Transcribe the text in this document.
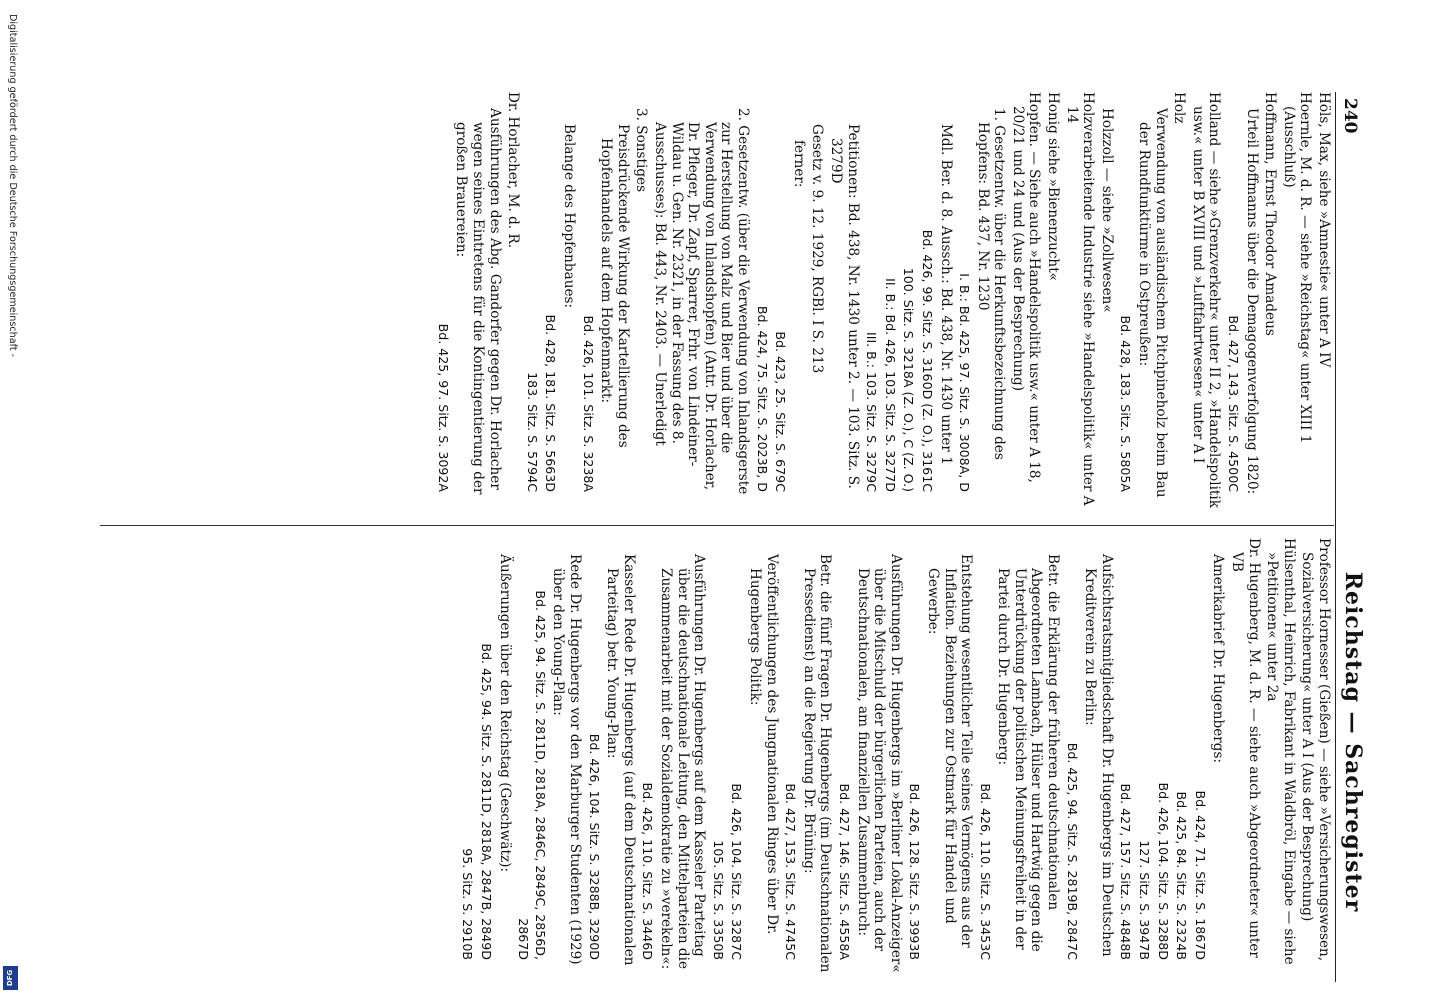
240
Reichstag — Sachregister
Höls, Max, siehe »Amnestie« unter A IV
Hoernle, M. d. R. — siehe »Reichstag« unter XIII 1 (Ausschluß)
Hoffmann, Ernst Theodor Amadeus
Urteil Hoffmanns über die Demagogenverfolgung 1820:
Bd. 427, 143. Sitz. S. 4500C
Holland — siehe »Grenzverkehr« unter II 2, »Handelspolitik usw.« unter B XVIII und »Luftfahrtwesen« unter A I
Holz
Verwendung von ausländischem Pitchpineholz beim Bau der Rundfunktürme in Ostpreußen:
Bd. 428, 183. Sitz. S. 5805A
Holzzoll — siehe »Zollwesen«
Holzverarbeitende Industrie siehe »Handelspolitik« unter A 14
Honig siehe »Bienenzucht«
Hopfen. — Siehe auch »Handelspolitik usw.« unter A 18, 20/21 und 24 und (Aus der Besprechung)
1. Gesetzentw. über die Herkunftsbezeichnung des Hopfens: Bd. 437, Nr. 1230
I. B.: Bd. 425, 97. Sitz. S. 3008A, D
Mdl. Ber. d. 8. Aussch.: Bd. 438, Nr. 1430 unter 1
Bd. 426, 99. Sitz. S. 3160D (Z. O.), 3161C
100. Sitz. S. 3218A (Z. O.), C (Z. O.)
II. B.: Bd. 426, 103. Sitz. S. 3277D
III. B.: 103. Sitz. S. 3279C
Petitionen: Bd. 438, Nr. 1430 unter 2. — 103. Sitz. S. 3279D
Gesetz v. 9. 12. 1929, RGBl. I S. 213
ferner:
Bd. 423, 25. Sitz. S. 679C
Bd. 424, 75. Sitz. S. 2023B, D
2. Gesetzentw. (über die Verwendung von Inlandsgerste zur Herstellung von Malz und Bier und über die Verwendung von Inlandshopfen) (Antr. Dr. Horlacher, Dr. Pfleger, Dr. Zapf, Sparrer, Frhr. von Lindeiner-Wildau u. Gen. Nr. 2321, in der Fassung des 8. Ausschusses): Bd. 443, Nr. 2403. — Unerledigt
3. Sonstiges
Preisdrückende Wirkung der Kartellierung des Hopfenhandels auf dem Hopfenmarkt:
Bd. 426, 101. Sitz. S. 3238A
Belange des Hopfenbaues:
Bd. 428, 181. Sitz. S. 5663D
183. Sitz. S. 5794C
Dr. Horlacher, M. d. R.
Ausführungen des Abg. Gandorfer gegen Dr. Horlacher wegen seines Eintretens für die Kontingentierung der großen Brauereien:
Bd. 425, 97. Sitz. S. 3092A
Professor Hornesser (Gießen) — siehe »Versicherungswesen, Sozialversicherung« unter A I (Aus der Besprechung)
Hülsenthal, Heinrich, Fabrikant in Waldbröl, Eingabe — siehe »Petitionen« unter 2a
Dr. Hugenberg, M. d. R. — siehe auch »Abgeordneter« unter VB
Amerikabrief Dr. Hugenbergs:
Bd. 424, 71. Sitz. S. 1867D
Bd. 425, 84. Sitz. S. 2324B
Bd. 426, 104. Sitz. S. 3288D
127. Sitz. S. 3947B
Bd. 427, 157. Sitz. S. 4848B
Aufsichtsratsmitgliedschaft Dr. Hugenbergs im Deutschen Kreditverein zu Berlin:
Bd. 425, 94. Sitz. S. 2819B, 2847C
Betr. die Erklärung der früheren deutschnationalen Abgeordneten Lambach, Hülser und Hartwig gegen die Unterdrückung der politischen Meinungsfreiheit in der Partei durch Dr. Hugenberg:
Bd. 426, 110. Sitz. S. 3453C
Entstehung wesentlicher Teile seines Vermögens aus der Inflation. Beziehungen zur Ostmark für Handel und Gewerbe:
Bd. 426, 128. Sitz. S. 3993B
Ausführungen Dr. Hugenbergs im »Berliner Lokal-Anzeiger« über die Mitschuld der bürgerlichen Parteien, auch der Deutschnationalen, am finanziellen Zusammenbruch:
Bd. 427, 146. Sitz. S. 4558A
Betr. die fünf Fragen Dr. Hugenbergs (im Deutschnationalen Pressedienst) an die Regierung Dr. Brüning:
Bd. 427, 153. Sitz. S. 4745C
Veröffentlichungen des Jungnationalen Ringes über Dr. Hugenbergs Politik:
Bd. 426, 104. Sitz. S. 3287C
105. Sitz. S. 3350B
Ausführungen Dr. Hugenbergs auf dem Kasseler Parteitag über die deutschnationale Leitung, den Mittelparteien die Zusammenarbeit mit der Sozialdemokratie zu »verekeln«:
Bd. 426, 110. Sitz. S. 3446D
Kasseler Rede Dr. Hugenbergs (auf dem Deutschnationalen Parteitag) betr. Young-Plan:
Bd. 426, 104. Sitz. S. 3288B, 3290D
Rede Dr. Hugenbergs vor den Marburger Studenten (1929) über den Young-Plan:
Bd. 425, 94. Sitz. S. 2811D, 2818A, 2846C, 2849C, 2856D, 2867D
Äußerungen über den Reichstag (Geschwätz):
Bd. 425, 94. Sitz. S. 2811D, 2818A, 2847B, 2849D
95. Sitz. S. 2910B
Digitalisierung gefördert durch die Deutsche Forschungsgemeinschaft -
DFG
